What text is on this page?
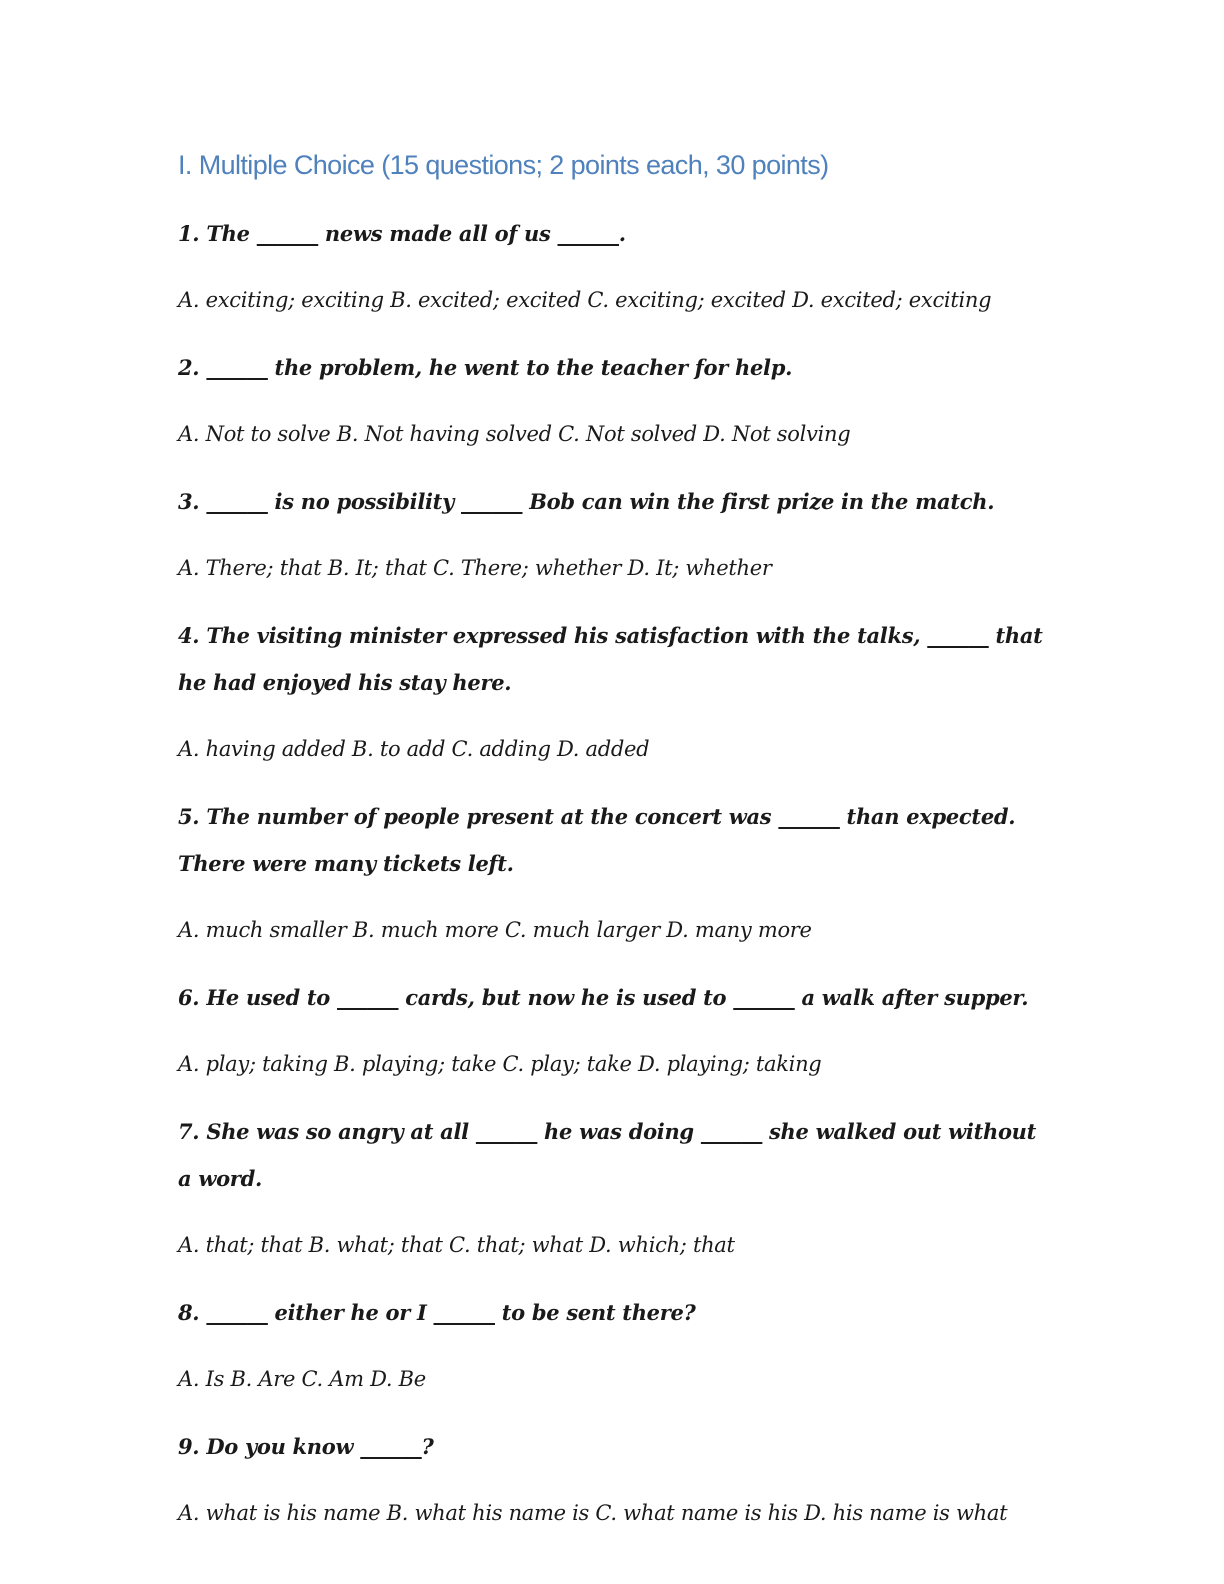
I. Multiple Choice (15 questions; 2 points each, 30 points)

1. The ______ news made all of us ______.

A. exciting; exciting B. excited; excited C. exciting; excited D. excited; exciting

2. ______ the problem, he went to the teacher for help.

A. Not to solve B. Not having solved C. Not solved D. Not solving

3. ______ is no possibility ______ Bob can win the first prize in the match.

A. There; that B. It; that C. There; whether D. It; whether

4. The visiting minister expressed his satisfaction with the talks, ______ that he had enjoyed his stay here.

A. having added B. to add C. adding D. added

5. The number of people present at the concert was ______ than expected. There were many tickets left.

A. much smaller B. much more C. much larger D. many more

6. He used to ______ cards, but now he is used to ______ a walk after supper.

A. play; taking B. playing; take C. play; take D. playing; taking

7. She was so angry at all ______ he was doing ______ she walked out without a word.

A. that; that B. what; that C. that; what D. which; that

8. ______ either he or I ______ to be sent there?

A. Is B. Are C. Am D. Be

9. Do you know ______?

A. what is his name B. what his name is C. what name is his D. his name is what
